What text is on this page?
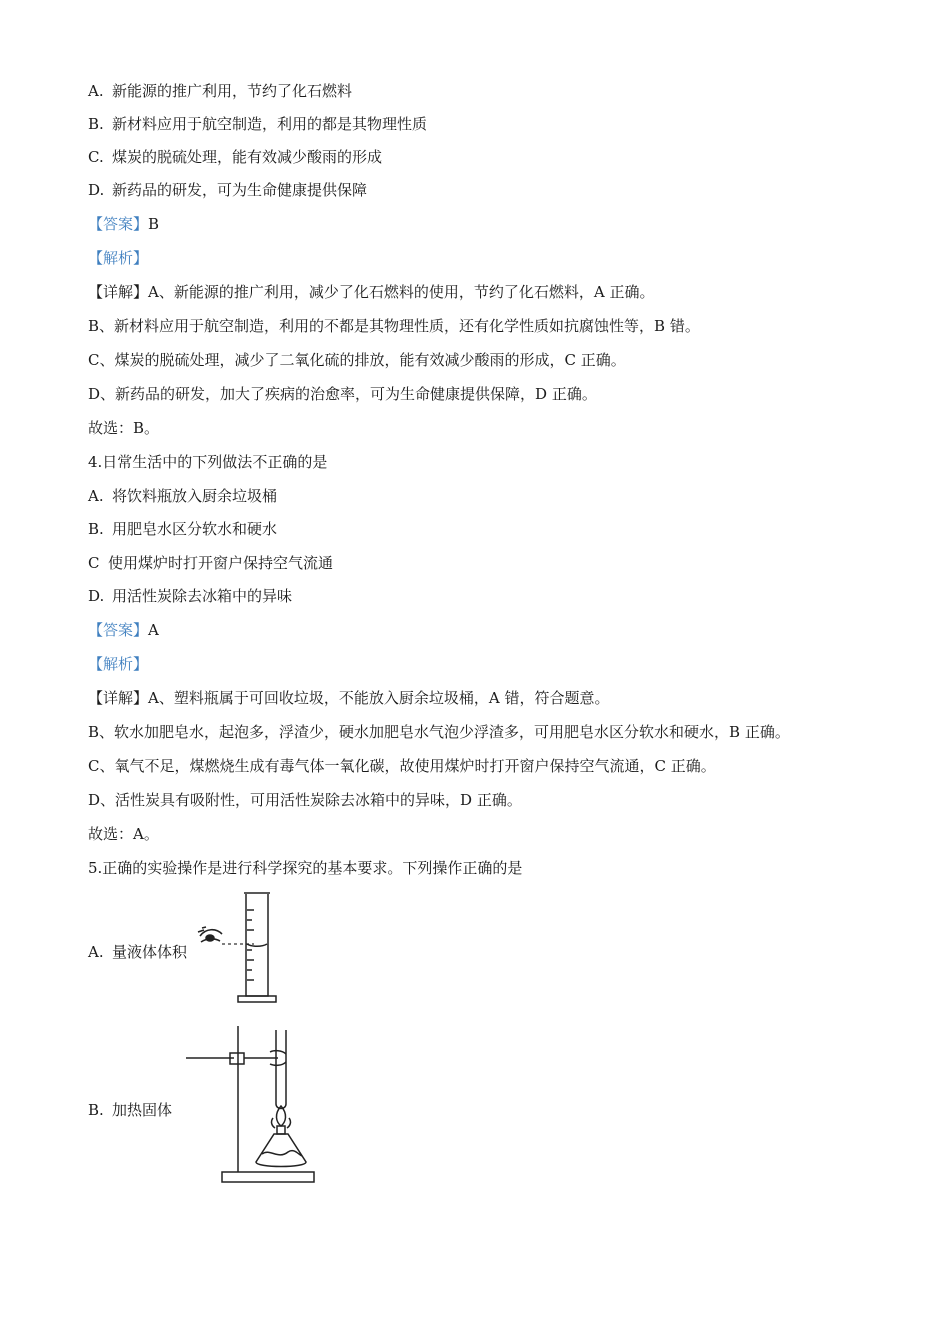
A. 新能源的推广利用，节约了化石燃料
B. 新材料应用于航空制造，利用的都是其物理性质
C. 煤炭的脱硫处理，能有效减少酸雨的形成
D. 新药品的研发，可为生命健康提供保障
【答案】B
【解析】
【详解】A、新能源的推广利用，减少了化石燃料的使用，节约了化石燃料，A 正确。
B、新材料应用于航空制造，利用的不都是其物理性质，还有化学性质如抗腐蚀性等，B 错。
C、煤炭的脱硫处理，减少了二氧化硫的排放，能有效减少酸雨的形成，C 正确。
D、新药品的研发，加大了疾病的治愈率，可为生命健康提供保障，D 正确。
故选：B。
4.日常生活中的下列做法不正确的是
A. 将饮料瓶放入厨余垃圾桶
B. 用肥皂水区分软水和硬水
C 使用煤炉时打开窗户保持空气流通
D. 用活性炭除去冰箱中的异味
【答案】A
【解析】
【详解】A、塑料瓶属于可回收垃圾，不能放入厨余垃圾桶，A 错，符合题意。
B、软水加肥皂水，起泡多，浮渣少，硬水加肥皂水气泡少浮渣多，可用肥皂水区分软水和硬水，B 正确。
C、氧气不足，煤燃烧生成有毒气体一氧化碳，故使用煤炉时打开窗户保持空气流通，C 正确。
D、活性炭具有吸附性，可用活性炭除去冰箱中的异味，D 正确。
故选：A。
5.正确的实验操作是进行科学探究的基本要求。下列操作正确的是
A. 量液体体积
B. 加热固体
